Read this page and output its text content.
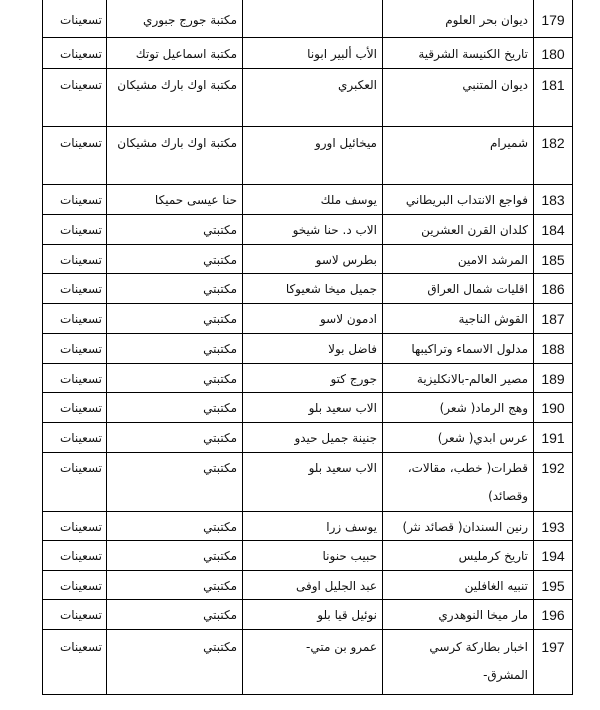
179
ديوان بحر العلوم
مكتبة جورج جبوري
تسعينات
180
تاريخ الكنيسة الشرقية
الأب ألبير ابونا
مكتبة اسماعيل توتك
تسعينات
181
ديوان المتنبي
العكبري
مكتبة اوك بارك مشيكان
تسعينات
182
شميرام
ميخائيل اورو
مكتبة اوك بارك مشيكان
تسعينات
183
فواجع الانتداب البريطاني
يوسف ملك
حنا عيسى حميكا
تسعينات
184
كلدان القرن العشرين
الاب د. حنا شيخو
مكتبتي
تسعينات
185
المرشد الامين
بطرس لاسو
مكتبتي
تسعينات
186
اقليات شمال العراق
جميل ميخا شعيوكا
مكتبتي
تسعينات
187
القوش الناجية
ادمون لاسو
مكتبتي
تسعينات
188
مدلول الاسماء وتراكيبها
فاضل بولا
مكتبتي
تسعينات
189
مصير العالم-بالانكليزية
جورج كتو
مكتبتي
تسعينات
190
وهج الرماد( شعر)
الاب سعيد بلو
مكتبتي
تسعينات
191
عرس ابدي( شعر)
جنينة جميل حيدو
مكتبتي
تسعينات
192
قطرات( خطب، مقالات، وقصائد)
الاب سعيد بلو
مكتبتي
تسعينات
193
رنين السندان( قصائد نثر)
يوسف زرا
مكتبتي
تسعينات
194
تاريخ كرمليس
حبيب حنونا
مكتبتي
تسعينات
195
تنبيه الغافلين
عبد الجليل اوفى
مكتبتي
تسعينات
196
مار ميخا النوهدري
نوئيل قيا بلو
مكتبتي
تسعينات
197
اخبار بطاركة كرسي المشرق-
عمرو بن متي-
مكتبتي
تسعينات
